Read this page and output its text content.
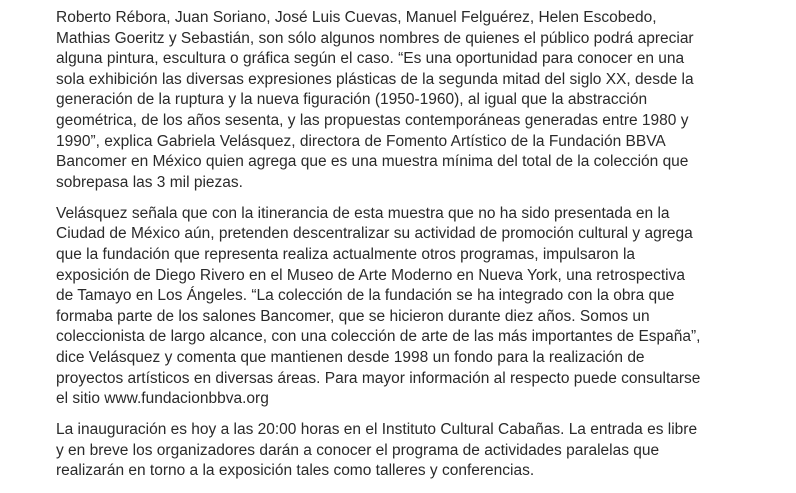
Roberto Rébora, Juan Soriano, José Luis Cuevas, Manuel Felguérez, Helen Escobedo,
Mathias Goeritz y Sebastián, son sólo algunos nombres de quienes el público podrá apreciar
alguna pintura, escultura o gráfica según el caso. “Es una oportunidad para conocer en una
sola exhibición las diversas expresiones plásticas de la segunda mitad del siglo XX, desde la
generación de la ruptura y la nueva figuración (1950-1960), al igual que la abstracción
geométrica, de los años sesenta, y las propuestas contemporáneas generadas entre 1980 y
1990”, explica Gabriela Velásquez, directora de Fomento Artístico de la Fundación BBVA
Bancomer en México quien agrega que es una muestra mínima del total de la colección que
sobrepasa las 3 mil piezas.

Velásquez señala que con la itinerancia de esta muestra que no ha sido presentada en la
Ciudad de México aún, pretenden descentralizar su actividad de promoción cultural y agrega
que la fundación que representa realiza actualmente otros programas, impulsaron la
exposición de Diego Rivero en el Museo de Arte Moderno en Nueva York, una retrospectiva
de Tamayo en Los Ángeles. “La colección de la fundación se ha integrado con la obra que
formaba parte de los salones Bancomer, que se hicieron durante diez años. Somos un
coleccionista de largo alcance, con una colección de arte de las más importantes de España”,
dice Velásquez y comenta que mantienen desde 1998 un fondo para la realización de
proyectos artísticos en diversas áreas. Para mayor información al respecto puede consultarse
el sitio www.fundacionbbva.org

La inauguración es hoy a las 20:00 horas en el Instituto Cultural Cabañas. La entrada es libre
y en breve los organizadores darán a conocer el programa de actividades paralelas que
realizarán en torno a la exposición tales como talleres y conferencias.
